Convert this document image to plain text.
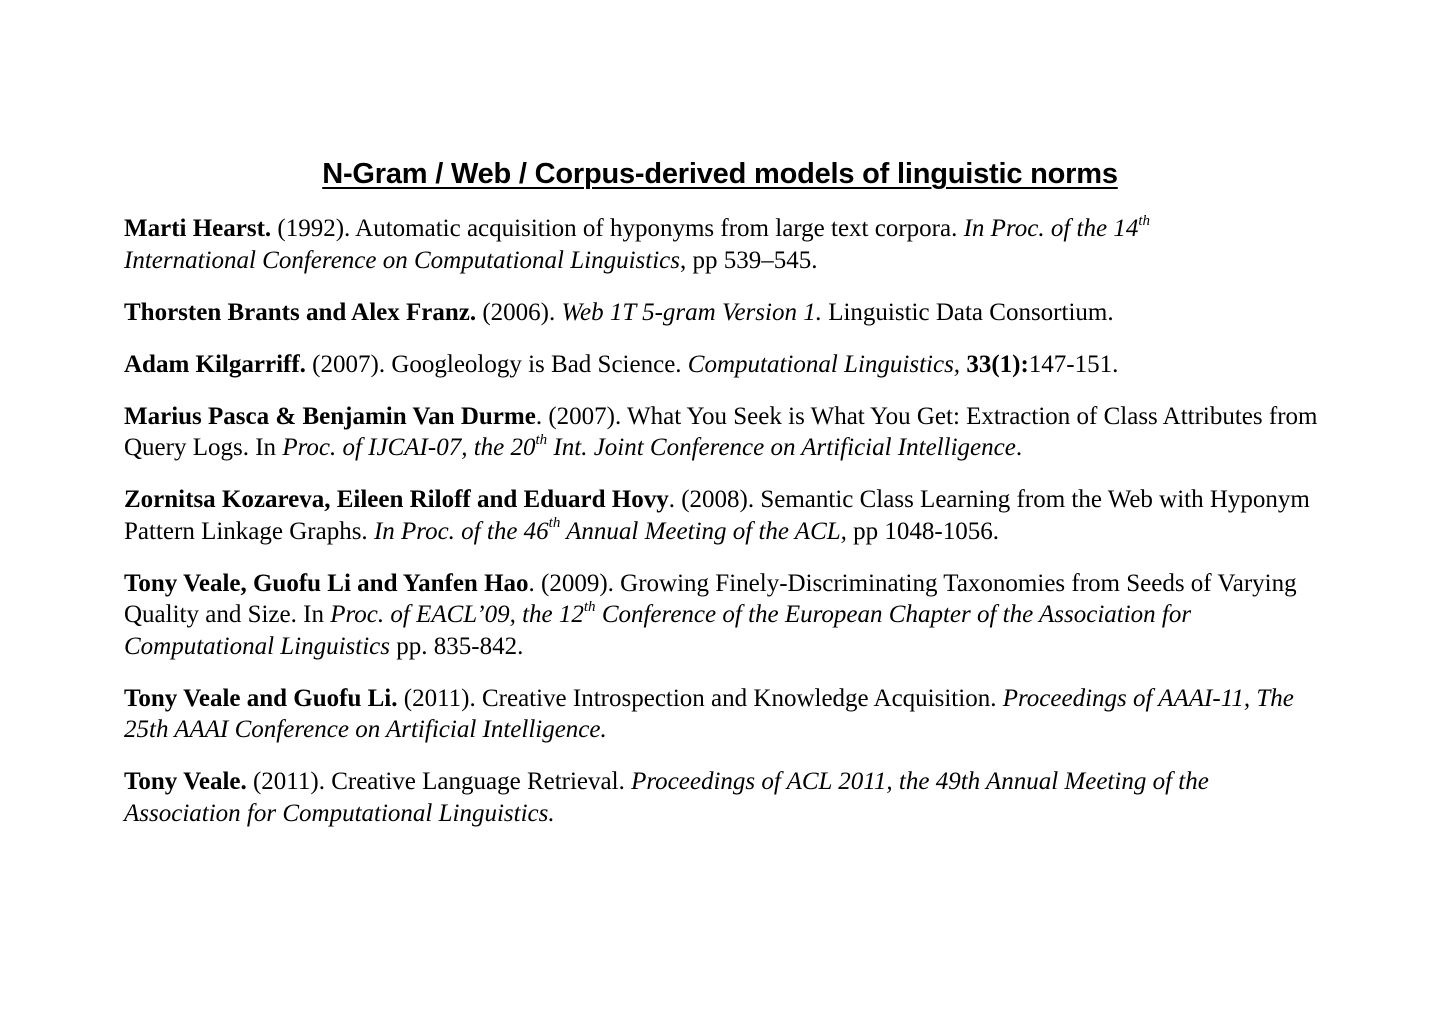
N-Gram / Web / Corpus-derived models of linguistic norms

Marti Hearst. (1992). Automatic acquisition of hyponyms from large text corpora. In Proc. of the 14th
International Conference on Computational Linguistics, pp 539–545.

Thorsten Brants and Alex Franz. (2006). Web 1T 5-gram Version 1. Linguistic Data Consortium.

Adam Kilgarriff. (2007). Googleology is Bad Science. Computational Linguistics, 33(1):147-151.

Marius Pasca & Benjamin Van Durme. (2007). What You Seek is What You Get: Extraction of Class Attributes from Query Logs. In Proc. of IJCAI-07, the 20th Int. Joint Conference on Artificial Intelligence.

Zornitsa Kozareva, Eileen Riloff and Eduard Hovy. (2008). Semantic Class Learning from the Web with Hyponym Pattern Linkage Graphs. In Proc. of the 46th Annual Meeting of the ACL, pp 1048-1056.

Tony Veale, Guofu Li and Yanfen Hao. (2009). Growing Finely-Discriminating Taxonomies from Seeds of Varying Quality and Size. In Proc. of EACL’09, the 12th Conference of the European Chapter of the Association for Computational Linguistics pp. 835-842.

Tony Veale and Guofu Li. (2011). Creative Introspection and Knowledge Acquisition. Proceedings of AAAI-11, The 25th AAAI Conference on Artificial Intelligence.

Tony Veale. (2011). Creative Language Retrieval. Proceedings of ACL 2011, the 49th Annual Meeting of the Association for Computational Linguistics.
